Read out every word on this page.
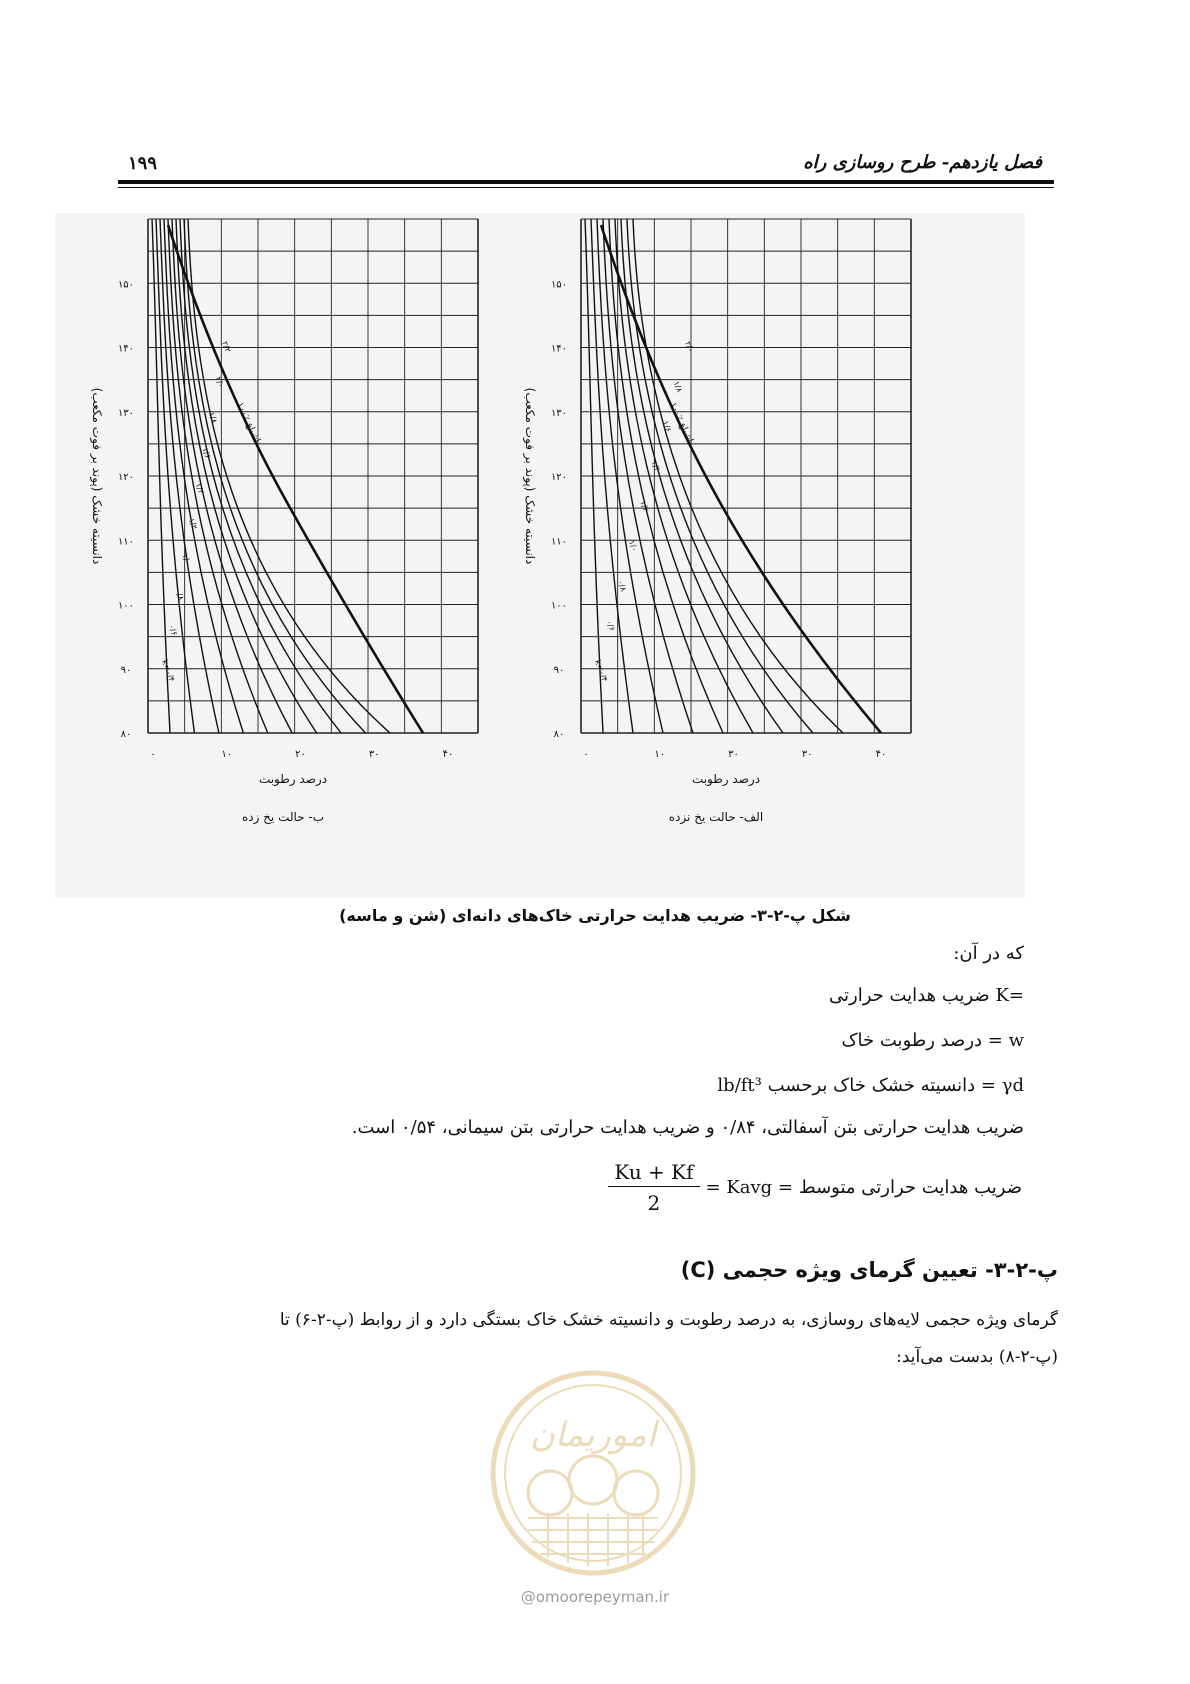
فصل یازدهم- طرح روسازی راه
۱۹۹
۸۰
۹۰
۱۰۰
۱۱۰
۱۲۰
۱۳۰
۱۴۰
۱۵۰
۰	۱۰	۲۰	۳۰	۴۰
درصد رطوبت
دانسیته خشک (پوند بر فوت مکعب)
ب- حالت یخ زده
۱۰۰٪ اشباع
k=۰/۴
۰/۶
۰/۸
۱/۰
۱/۲
۱/۴
۱/۶
۱/۸
۲/۰
۲/۲
۸۰
۹۰
۱۰۰
۱۱۰
۱۲۰
۱۳۰
۱۴۰
۱۵۰
۰	۱۰	۳۰	۳۰	۴۰
درصد رطوبت
دانسیته خشک (پوند بر فوت مکعب)
الف- حالت یخ نزده
۱۰۰٪ اشباع
k=۰/۴
۰/۶
۰/۸
۱/۰
۱/۲
۱/۴
۱/۶
۱/۸
۲/۰
شکل پ-۲-۳- ضریب هدایت حرارتی خاک‌های دانه‌ای (شن و ماسه)
که در آن:
=K ضریب هدایت حرارتی
w = درصد رطوبت خاک
γd = دانسیته خشک خاک برحسب lb/ft³
ضریب هدایت حرارتی بتن آسفالتی، ۰/۸۴ و ضریب هدایت حرارتی بتن سیمانی، ۰/۵۴ است.
ضریب هدایت حرارتی متوسط
= Kavg =
$\frac{Ku + Kf}{2}$
پ-۲-۳- تعیین گرمای ویژه حجمی (C)
گرمای ویژه حجمی لایه‌های روسازی، به درصد رطوبت و دانسیته خشک خاک بستگی دارد و از روابط (پ-۲-۶) تا
(پ-۲-۸) بدست می‌آید:
اموریمان
@omoorepeyman.ir
